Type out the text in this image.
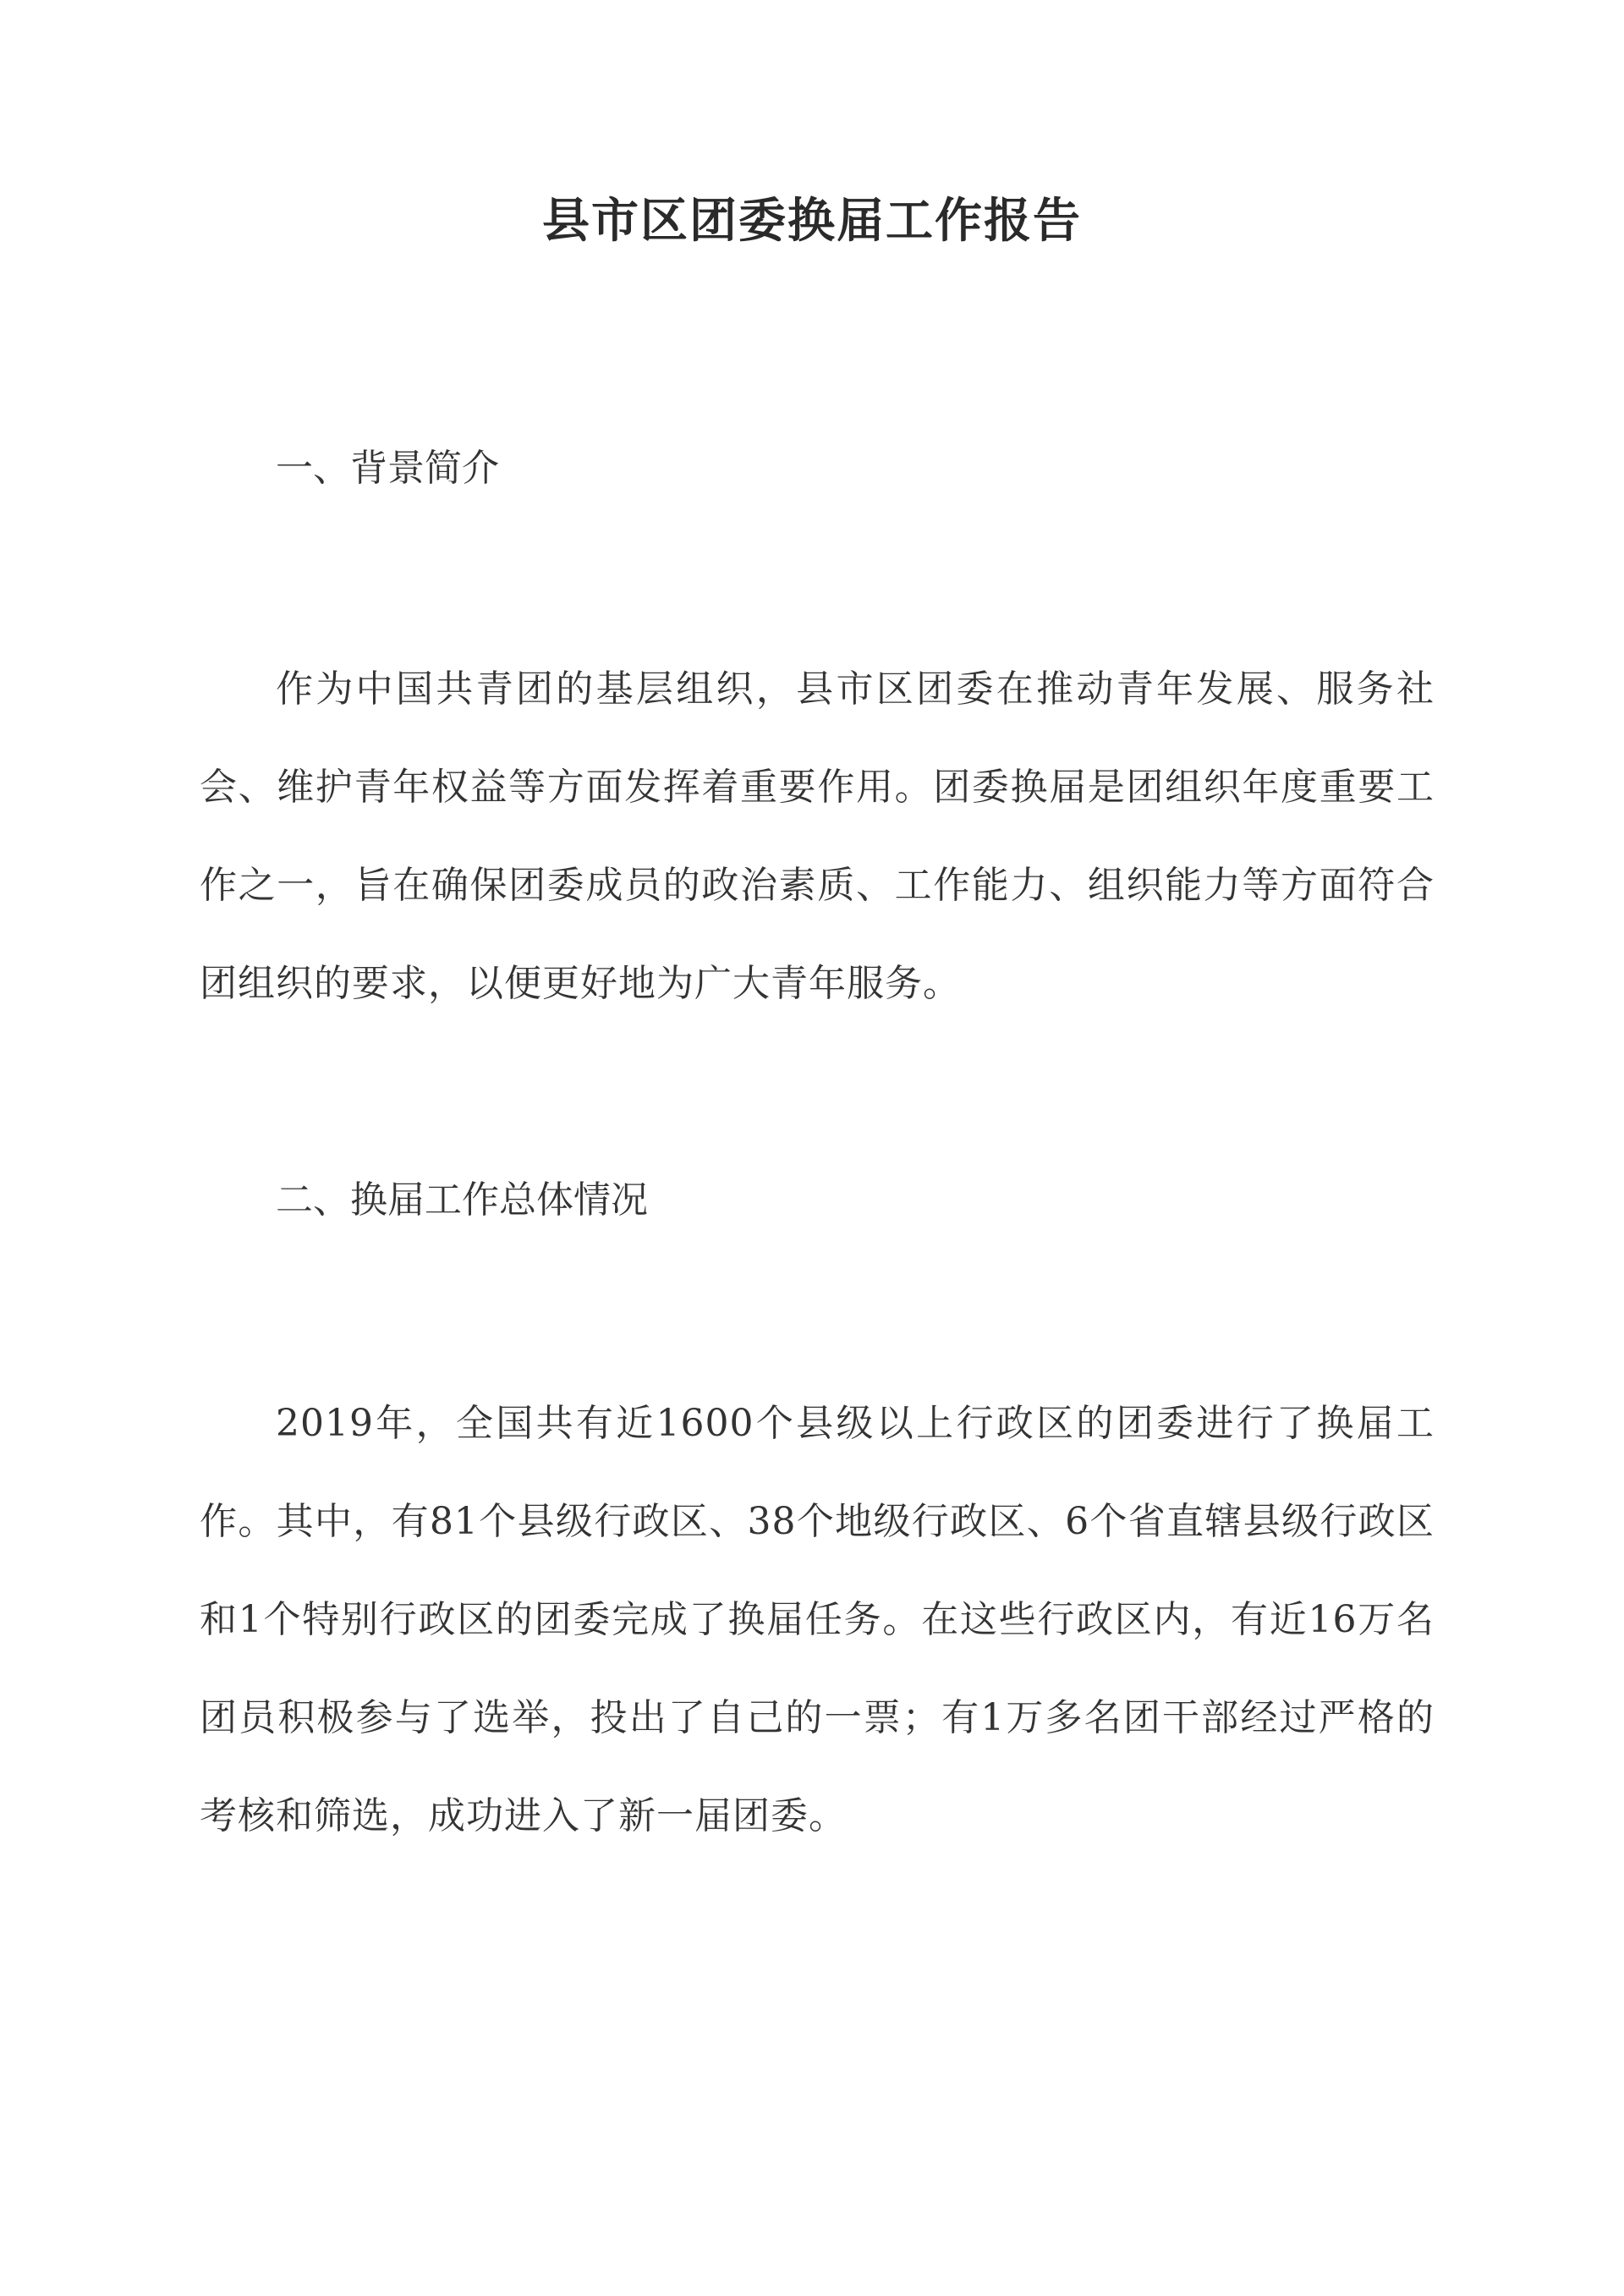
县市区团委换届工作报告
一、背景简介

作为中国共青团的基层组织，县市区团委在推动青年发展、服务社会、维护青年权益等方面发挥着重要作用。团委换届是团组织年度重要工作之一，旨在确保团委成员的政治素质、工作能力、组织能力等方面符合团组织的要求，以便更好地为广大青年服务。

二、换届工作总体情况

2019年，全国共有近1600个县级以上行政区的团委进行了换届工作。其中，有81个县级行政区、38个地级行政区、6个省直辖县级行政区和1个特别行政区的团委完成了换届任务。在这些行政区内，有近16万名团员积极参与了选举，投出了自己的一票；有1万多名团干部经过严格的考核和筛选，成功进入了新一届团委。
